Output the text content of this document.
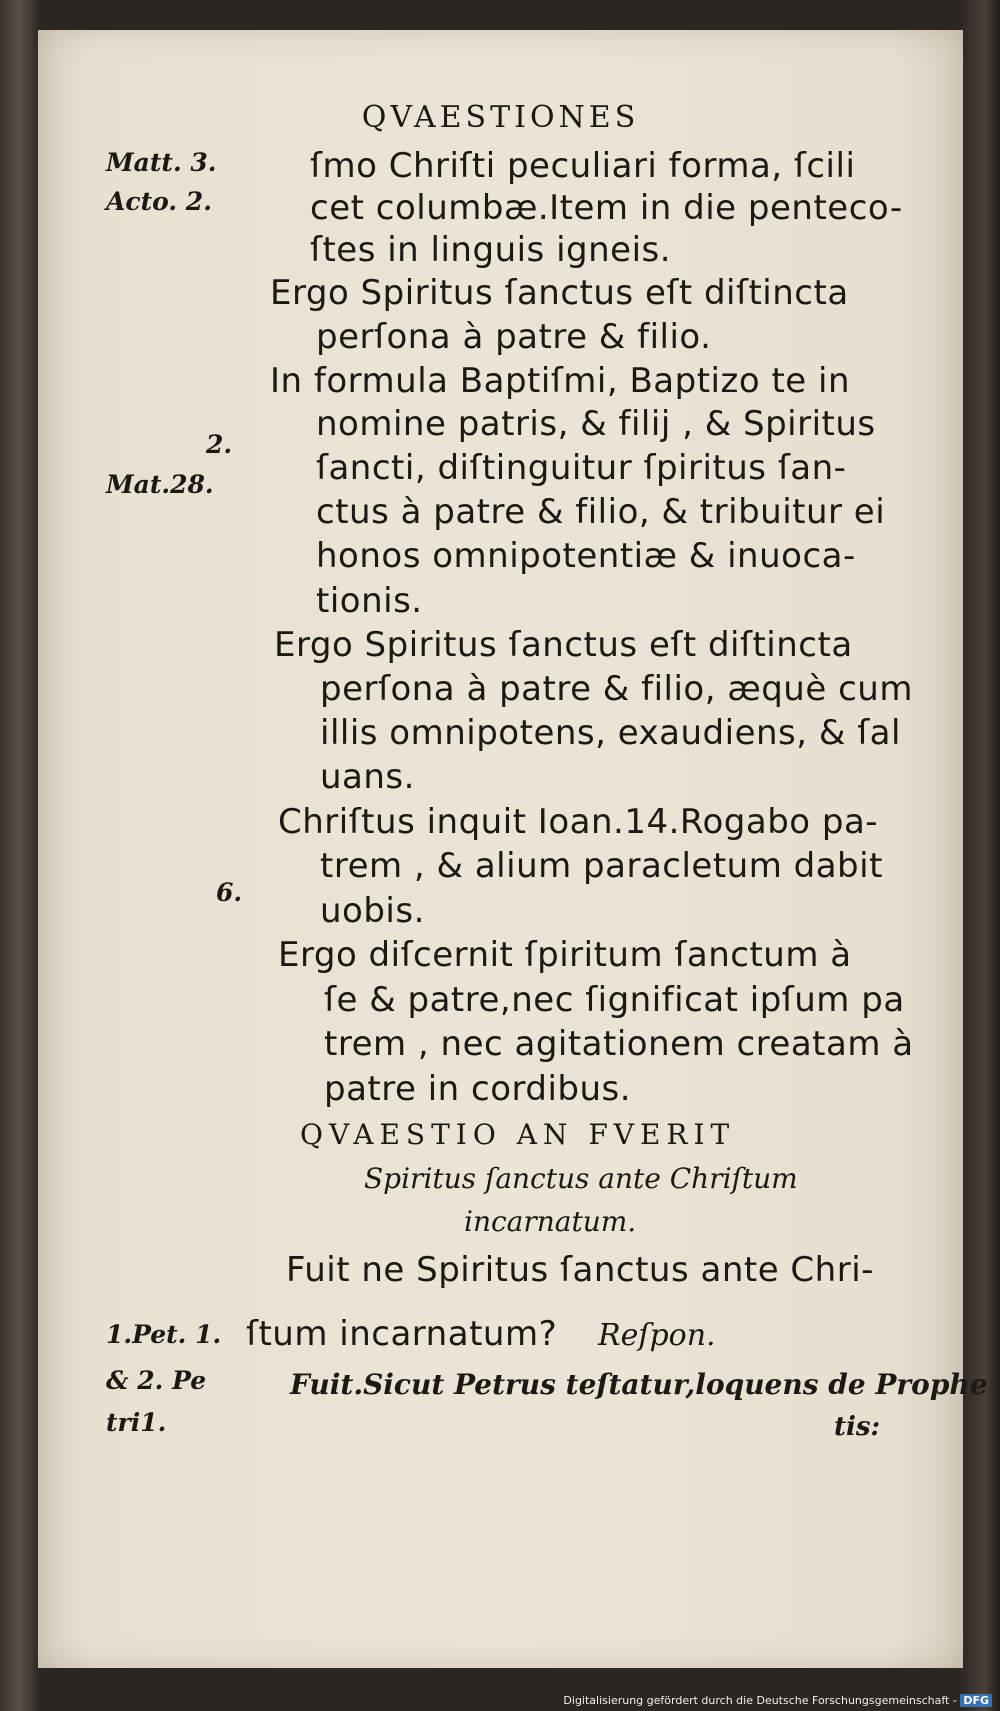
QVAESTIONES
Matt. 3.
Acto. 2.
2.
Mat.28.
6.
1.Pet. 1.
& 2. Pe
tri1.
ſmo Chriſti peculiari forma, ſcili
cet columbæ.Item in die penteco-
ſtes in linguis igneis.
Ergo Spiritus ſanctus eſt diſtincta
perſona à patre & filio.
In formula Baptiſmi, Baptizo te in
nomine patris, & filij , & Spiritus
ſancti, diſtinguitur ſpiritus ſan-
ctus à patre & filio, & tribuitur ei
honos omnipotentiæ & inuoca-
tionis.
Ergo Spiritus ſanctus eſt diſtincta
perſona à patre & filio, æquè cum
illis omnipotens, exaudiens, & ſal
uans.
Chriſtus inquit Ioan.14.Rogabo pa-
trem , & alium paracletum dabit
uobis.
Ergo diſcernit ſpiritum ſanctum à
ſe & patre,nec ſignificat ipſum pa
trem , nec agitationem creatam à
patre in cordibus.
QVAESTIO AN FVERIT
Spiritus ſanctus ante Chriſtum
incarnatum.
Fuit ne Spiritus ſanctus ante Chri-
ſtum incarnatum? Reſpon.
Fuit.Sicut Petrus teſtatur,loquens de Prophe
tis:
Digitalisierung gefördert durch die Deutsche Forschungsgemeinschaft - DFG
